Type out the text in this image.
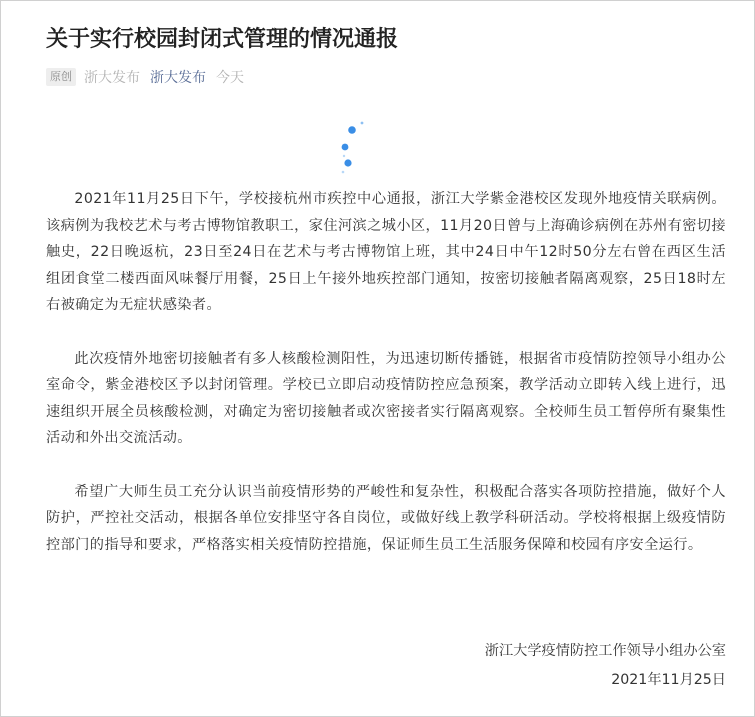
关于实行校园封闭式管理的情况通报
原创 浙大发布 浙大发布 今天

2021年11月25日下午，学校接杭州市疾控中心通报，浙江大学紫金港校区发现外地疫情关联病例。该病例为我校艺术与考古博物馆教职工，家住河滨之城小区，11月20日曾与上海确诊病例在苏州有密切接触史，22日晚返杭，23日至24日在艺术与考古博物馆上班，其中24日中午12时50分左右曾在西区生活组团食堂二楼西面风味餐厅用餐，25日上午接外地疾控部门通知，按密切接触者隔离观察，25日18时左右被确定为无症状感染者。

此次疫情外地密切接触者有多人核酸检测阳性，为迅速切断传播链，根据省市疫情防控领导小组办公室命令，紫金港校区予以封闭管理。学校已立即启动疫情防控应急预案，教学活动立即转入线上进行，迅速组织开展全员核酸检测，对确定为密切接触者或次密接者实行隔离观察。全校师生员工暂停所有聚集性活动和外出交流活动。

希望广大师生员工充分认识当前疫情形势的严峻性和复杂性，积极配合落实各项防控措施，做好个人防护，严控社交活动，根据各单位安排坚守各自岗位，或做好线上教学科研活动。学校将根据上级疫情防控部门的指导和要求，严格落实相关疫情防控措施，保证师生员工生活服务保障和校园有序安全运行。

浙江大学疫情防控工作领导小组办公室
2021年11月25日
